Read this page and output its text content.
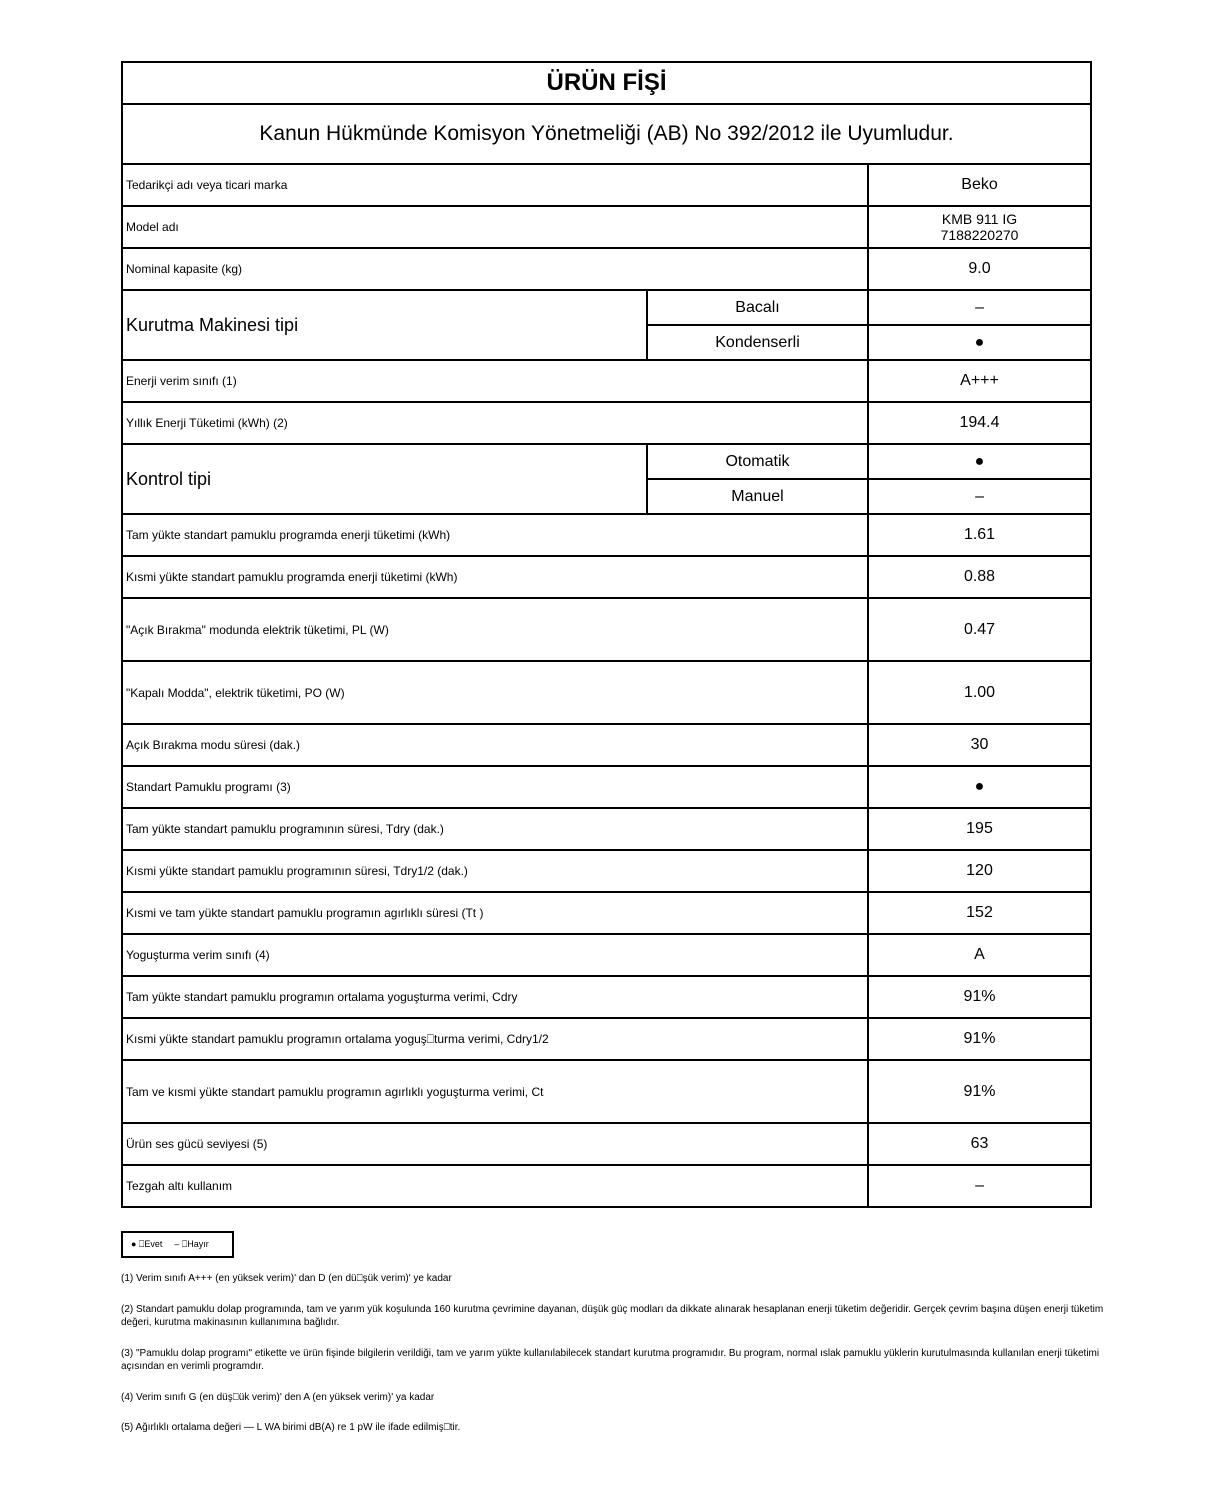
ÜRÜN FİŞİ		
Kanun Hükmünde Komisyon Yönetmeliği (AB) No 392/2012 ile Uyumludur.		
Tedarikçi adı veya ticari marka		Beko
Model adı		KMB 911 IG
7188220270

Nominal kapasite (kg)		9.0
Kurutma Makinesi tipi	Bacalı	–
	Kondenserli	●
Enerji verim sınıfı (1)		A+++
Yıllık Enerji Tüketimi (kWh) (2)		194.4
Kontrol tipi	Otomatik	●
	Manuel	–
Tam yükte standart pamuklu programda enerji tüketimi (kWh)		1.61
Kısmi yükte standart pamuklu programda enerji tüketimi (kWh)		0.88
"Açık Bırakma" modunda elektrik tüketimi, PL (W)		0.47
"Kapalı Modda", elektrik tüketimi, PO (W)		1.00
Açık Bırakma modu süresi (dak.)		30
Standart Pamuklu programı (3)		●
Tam yükte standart pamuklu programının süresi, Tdry (dak.)		195
Kısmi yükte standart pamuklu programının süresi, Tdry1/2 (dak.)		120
Kısmi ve tam yükte standart pamuklu programın agırlıklı süresi (Tt )		152
Yoguşturma verim sınıfı (4)		A
Tam yükte standart pamuklu programın ortalama yoguşturma verimi, Cdry		91%
Kısmi yükte standart pamuklu programın ortalama yoguş⎕turma verimi, Cdry1/2		91%
Tam ve kısmi yükte standart pamuklu programın agırlıklı yoguşturma verimi, Ct		91%
Ürün ses gücü seviyesi (5)		63
Tezgah altı kullanım		–
● ⎕Evet – ⎕Hayır

(1) Verim sınıfı A+++ (en yüksek verim)' dan D (en dü⎕şük verim)' ye kadar

(2) Standart pamuklu dolap programında, tam ve yarım yük koşulunda 160 kurutma çevrimine dayanan, düşük güç modları da dikkate alınarak hesaplanan enerji tüketim değeridir. Gerçek çevrim başına düşen enerji tüketim değeri, kurutma makinasının kullanımına bağlıdır.

(3) "Pamuklu dolap programı" etikette ve ürün fişinde bilgilerin verildiği, tam ve yarım yükte kullanılabilecek standart kurutma programıdır. Bu program, normal ıslak pamuklu yüklerin kurutulmasında kullanılan enerji tüketimi açısından en verimli programdır.

(4) Verim sınıfı G (en düş⎕ük verim)' den A (en yüksek verim)' ya kadar

(5) Ağırlıklı ortalama değeri — L WA birimi dB(A) re 1 pW ile ifade edilmiş⎕tir.
